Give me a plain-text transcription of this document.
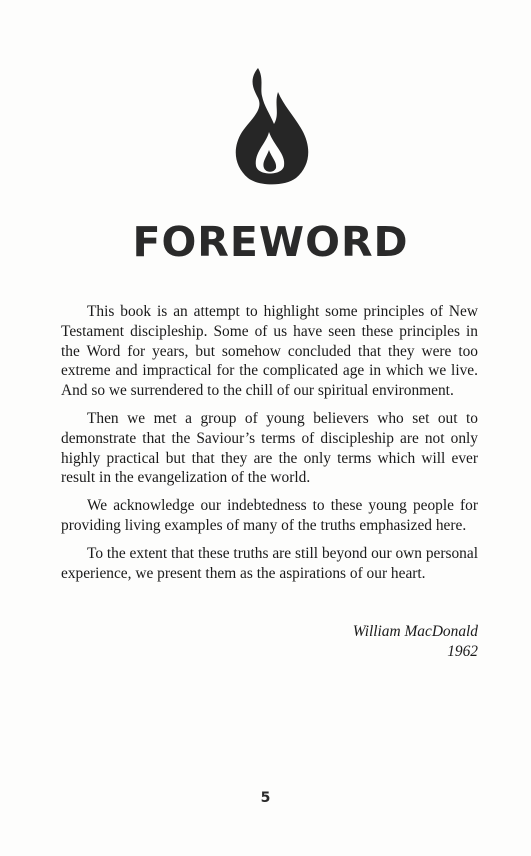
FOREWORD

This book is an attempt to highlight some principles of New Testament discipleship. Some of us have seen these principles in the Word for years, but somehow concluded that they were too extreme and impractical for the complicated age in which we live. And so we surrendered to the chill of our spiritual environment.

Then we met a group of young believers who set out to demonstrate that the Saviour’s terms of discipleship are not only highly practical but that they are the only terms which will ever result in the evangelization of the world.

We acknowledge our indebtedness to these young people for providing living examples of many of the truths emphasized here.

To the extent that these truths are still beyond our own personal experience, we present them as the aspirations of our heart.

William MacDonald
1962
5
